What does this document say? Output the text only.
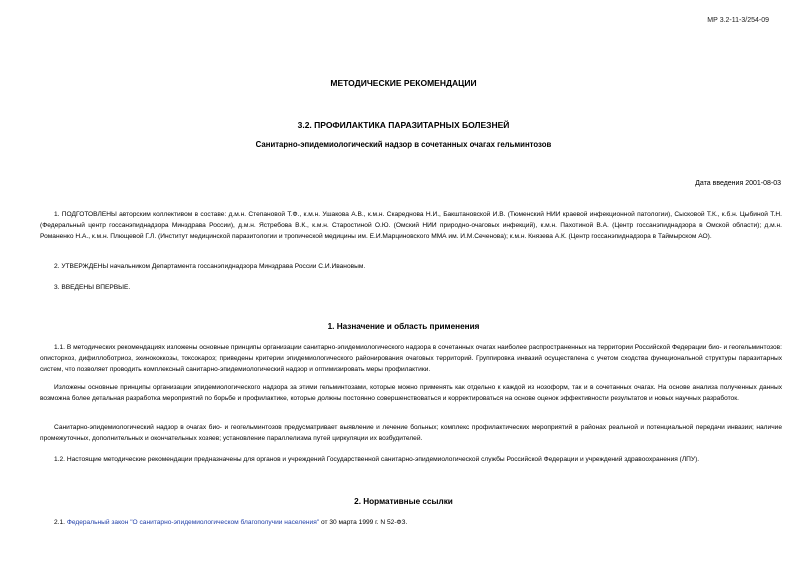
МР 3.2-11-3/254-09
МЕТОДИЧЕСКИЕ РЕКОМЕНДАЦИИ
3.2. ПРОФИЛАКТИКА ПАРАЗИТАРНЫХ БОЛЕЗНЕЙ
Санитарно-эпидемиологический надзор в сочетанных очагах гельминтозов
Дата введения 2001-08-03

1. ПОДГОТОВЛЕНЫ авторским коллективом в составе: д.м.н. Степановой Т.Ф., к.м.н. Ушакова А.В., к.м.н. Скареднова Н.И., Бакштановской И.В. (Тюменский НИИ краевой инфекционной патологии), Сысковой Т.К., к.б.н. Цыбиной Т.Н. (Федеральный центр госсанэпиднадзора Минздрава России), д.м.н. Ястребова В.К., к.м.н. Старостиной О.Ю. (Омский НИИ природно-очаговых инфекций), к.м.н. Пахотиной В.А. (Центр госсанэпиднадзора в Омской области); д.м.н. Романенко Н.А., к.м.н. Плющевой Г.Л. (Институт медицинской паразитологии и тропической медицины им. Е.И.Марциновского ММА им. И.М.Сеченова); к.м.н. Князева А.К. (Центр госсанэпиднадзора в Таймырском АО).

2. УТВЕРЖДЕНЫ начальником Департамента госсанэпиднадзора Минздрава России С.И.Ивановым.

3. ВВЕДЕНЫ ВПЕРВЫЕ.

1. Назначение и область применения

1.1. В методических рекомендациях изложены основные принципы организации санитарно-эпидемиологического надзора в сочетанных очагах наиболее распространенных на территории Российской Федерации био- и геогельминтозов: описторхоз, дифиллоботриоз, эхинококкозы, токсокароз; приведены критерии эпидемиологического районирования очаговых территорий. Группировка инвазий осуществлена с учетом сходства функциональной структуры паразитарных систем, что позволяет проводить комплексный санитарно-эпидемиологический надзор и оптимизировать меры профилактики.

Изложены основные принципы организации эпидемиологического надзора за этими гельминтозами, которые можно применять как отдельно к каждой из нозоформ, так и в сочетанных очагах. На основе анализа полученных данных возможна более детальная разработка мероприятий по борьбе и профилактике, которые должны постоянно совершенствоваться и корректироваться на основе оценок эффективности результатов и новых научных разработок.

Санитарно-эпидемиологический надзор в очагах био- и геогельминтозов предусматривает выявление и лечение больных; комплекс профилактических мероприятий в районах реальной и потенциальной передачи инвазии; наличие промежуточных, дополнительных и окончательных хозяев; установление параллелизма путей циркуляции их возбудителей.

1.2. Настоящие методические рекомендации предназначены для органов и учреждений Государственной санитарно-эпидемиологической службы Российской Федерации и учреждений здравоохранения (ЛПУ).

2. Нормативные ссылки

2.1. Федеральный закон "О санитарно-эпидемиологическом благополучии населения" от 30 марта 1999 г. N 52-ФЗ.
